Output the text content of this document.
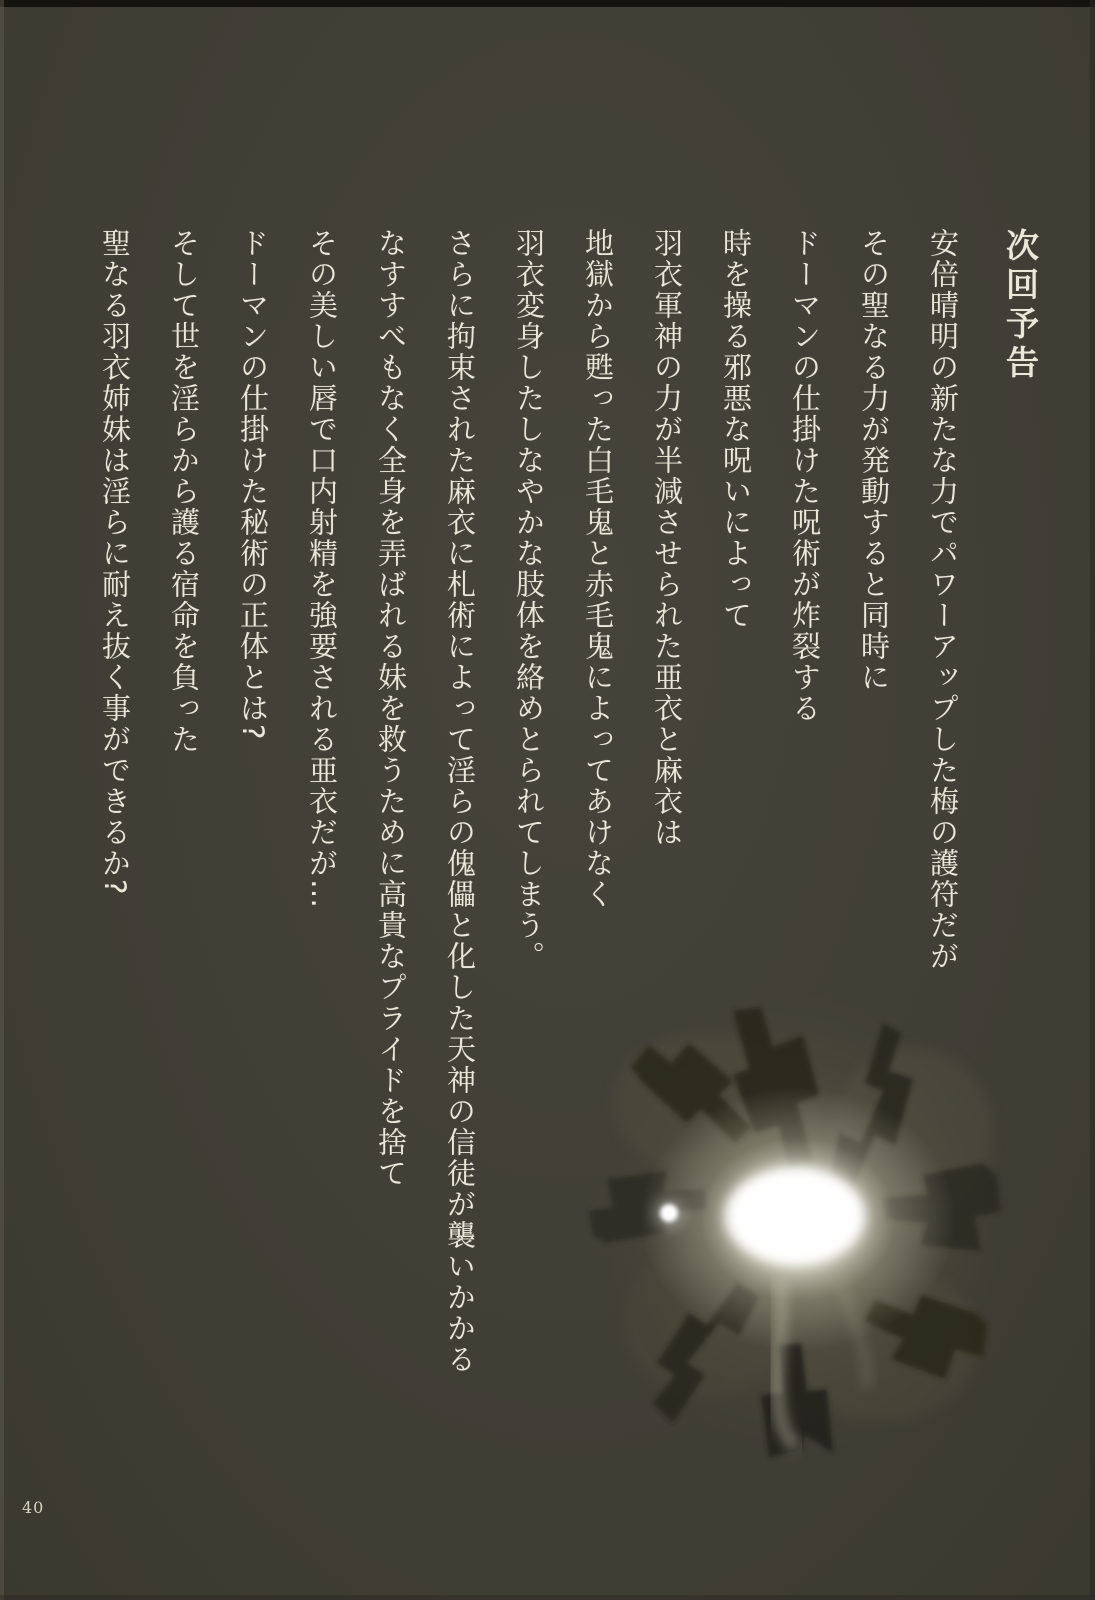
次回予告
安倍晴明の新たな力でパワーアップした梅の護符だが
その聖なる力が発動すると同時に
ドーマンの仕掛けた呪術が炸裂する
時を操る邪悪な呪いによって
羽衣軍神の力が半減させられた亜衣と麻衣は
地獄から甦った白毛鬼と赤毛鬼によってあけなく
羽衣変身したしなやかな肢体を絡めとられてしまう。
さらに拘束された麻衣に札術によって淫らの傀儡と化した天神の信徒が襲いかかる
なすすべもなく全身を弄ばれる妹を救うために高貴なプライドを捨て
その美しい唇で口内射精を強要される亜衣だが…
ドーマンの仕掛けた秘術の正体とは?
そして世を淫らから護る宿命を負った
聖なる羽衣姉妹は淫らに耐え抜く事ができるか?
40
